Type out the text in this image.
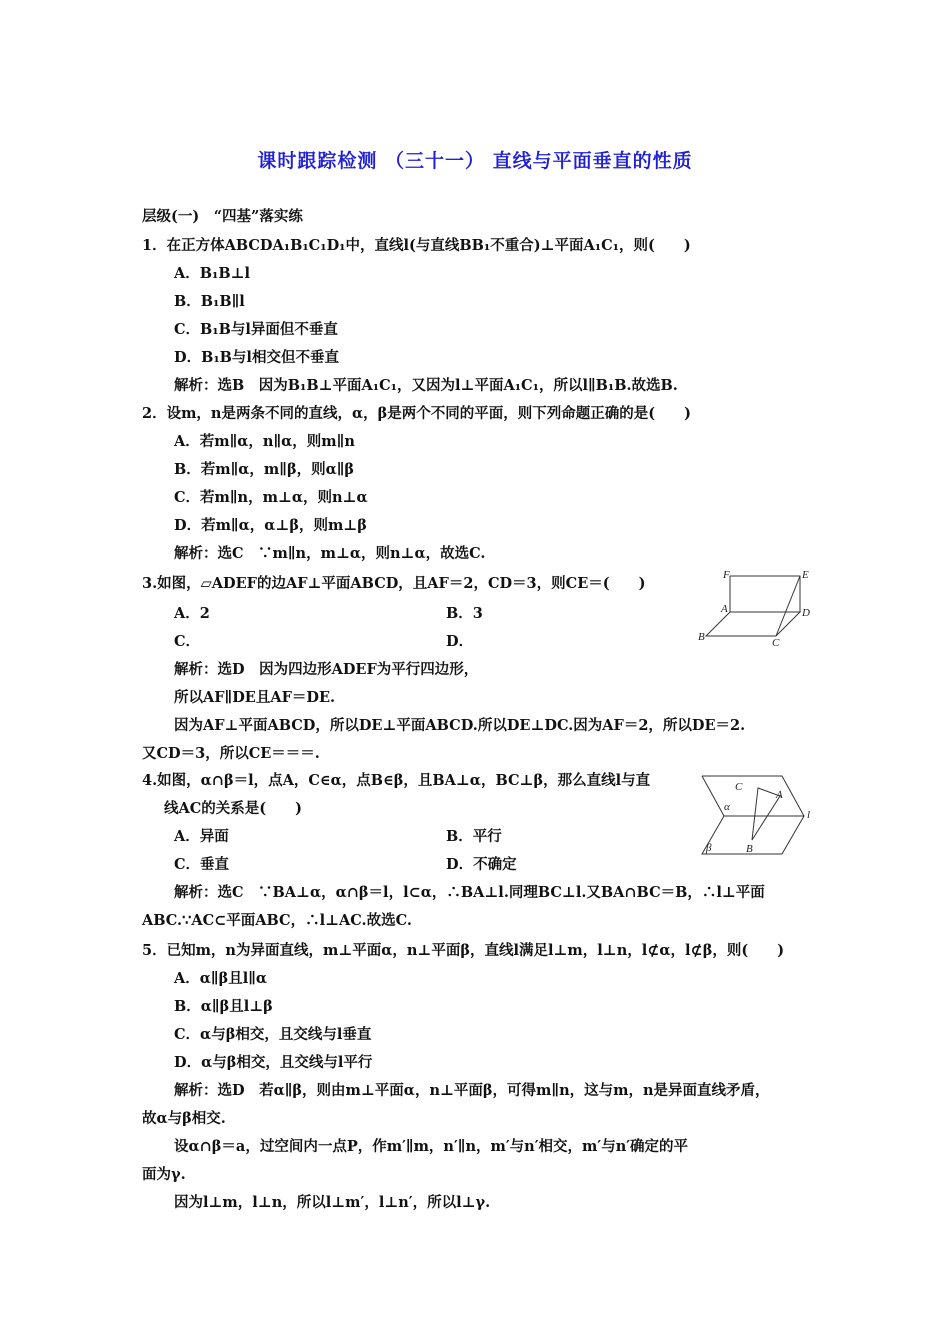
课时跟踪检测 （三十一） 直线与平面垂直的性质
层级(一)　“四基”落实练
1．在正方体ABCDA₁B₁C₁D₁中，直线l(与直线BB₁不重合)⊥平面A₁C₁，则(　　)
A．B₁B⊥l
B．B₁B∥l
C．B₁B与l异面但不垂直
D．B₁B与l相交但不垂直
解析：选B　因为B₁B⊥平面A₁C₁，又因为l⊥平面A₁C₁，所以l∥B₁B.故选B.
2．设m，n是两条不同的直线，α，β是两个不同的平面，则下列命题正确的是(　　)
A．若m∥α，n∥α，则m∥n
B．若m∥α，m∥β，则α∥β
C．若m∥n，m⊥α，则n⊥α
D．若m∥α，α⊥β，则m⊥β
解析：选C　∵m∥n，m⊥α，则n⊥α，故选C.
3.如图，▱ADEF的边AF⊥平面ABCD，且AF＝2，CD＝3，则CE＝(　　)
A．2	B．3
C．	D．
解析：选D　因为四边形ADEF为平行四边形，
所以AF∥DE且AF＝DE.
因为AF⊥平面ABCD，所以DE⊥平面ABCD.所以DE⊥DC.因为AF＝2，所以DE＝2.
又CD＝3，所以CE＝＝＝.
F	E
A	D
B	C
4.如图，α∩β＝l，点A，C∈α，点B∈β，且BA⊥α，BC⊥β，那么直线l与直
线AC的关系是(　　)
A．异面	B．平行
C．垂直	D．不确定
解析：选C　∵BA⊥α，α∩β＝l，l⊂α，∴BA⊥l.同理BC⊥l.又BA∩BC＝B，∴l⊥平面
ABC.∵AC⊂平面ABC，∴l⊥AC.故选C.
C
A
α
l
β	B
5．已知m，n为异面直线，m⊥平面α，n⊥平面β，直线l满足l⊥m，l⊥n，l⊄α，l⊄β，则(　　)
A．α∥β且l∥α
B．α∥β且l⊥β
C．α与β相交，且交线与l垂直
D．α与β相交，且交线与l平行
解析：选D　若α∥β，则由m⊥平面α，n⊥平面β，可得m∥n，这与m，n是异面直线矛盾，
故α与β相交.
设α∩β＝a，过空间内一点P，作m′∥m，n′∥n，m′与n′相交，m′与n′确定的平
面为γ.
因为l⊥m，l⊥n，所以l⊥m′，l⊥n′，所以l⊥γ.
